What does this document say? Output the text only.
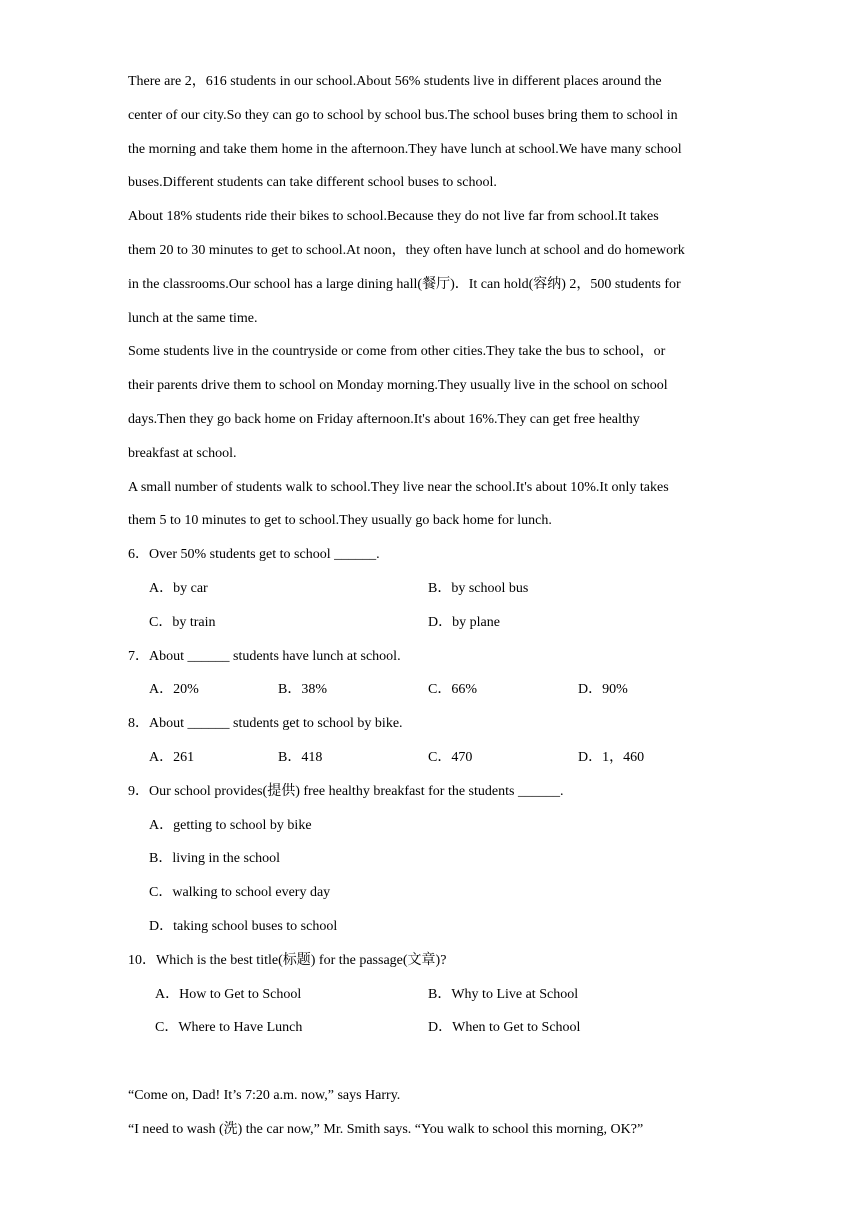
There are 2，616 students in our school.About 56% students live in different places around the
center of our city.So they can go to school by school bus.The school buses bring them to school in
the morning and take them home in the afternoon.They have lunch at school.We have many school
buses.Different students can take different school buses to school.
About 18% students ride their bikes to school.Because they do not live far from school.It takes
them 20 to 30 minutes to get to school.At noon，they often have lunch at school and do homework
in the classrooms.Our school has a large dining hall(餐厅)．It can hold(容纳) 2，500 students for
lunch at the same time.
Some students live in the countryside or come from other cities.They take the bus to school，or
their parents drive them to school on Monday morning.They usually live in the school on school
days.Then they go back home on Friday afternoon.It's about 16%.They can get free healthy
breakfast at school.
A small number of students walk to school.They live near the school.It's about 10%.It only takes
them 5 to 10 minutes to get to school.They usually go back home for lunch.
6．Over 50% students get to school ______.
A．by car	B．by school bus
C．by train	D．by plane
7．About ______ students have lunch at school.
A．20%	B．38%	C．66%	D．90%
8．About ______ students get to school by bike.
A．261	B．418	C．470	D．1，460
9．Our school provides(提供) free healthy breakfast for the students ______.
A．getting to school by bike
B．living in the school
C．walking to school every day
D．taking school buses to school
10．Which is the best title(标题) for the passage(文章)?
A．How to Get to School	B．Why to Live at School
C．Where to Have Lunch	D．When to Get to School
“Come on, Dad! It’s 7:20 a.m. now,” says Harry.
“I need to wash (洗) the car now,” Mr. Smith says. “You walk to school this morning, OK?”
